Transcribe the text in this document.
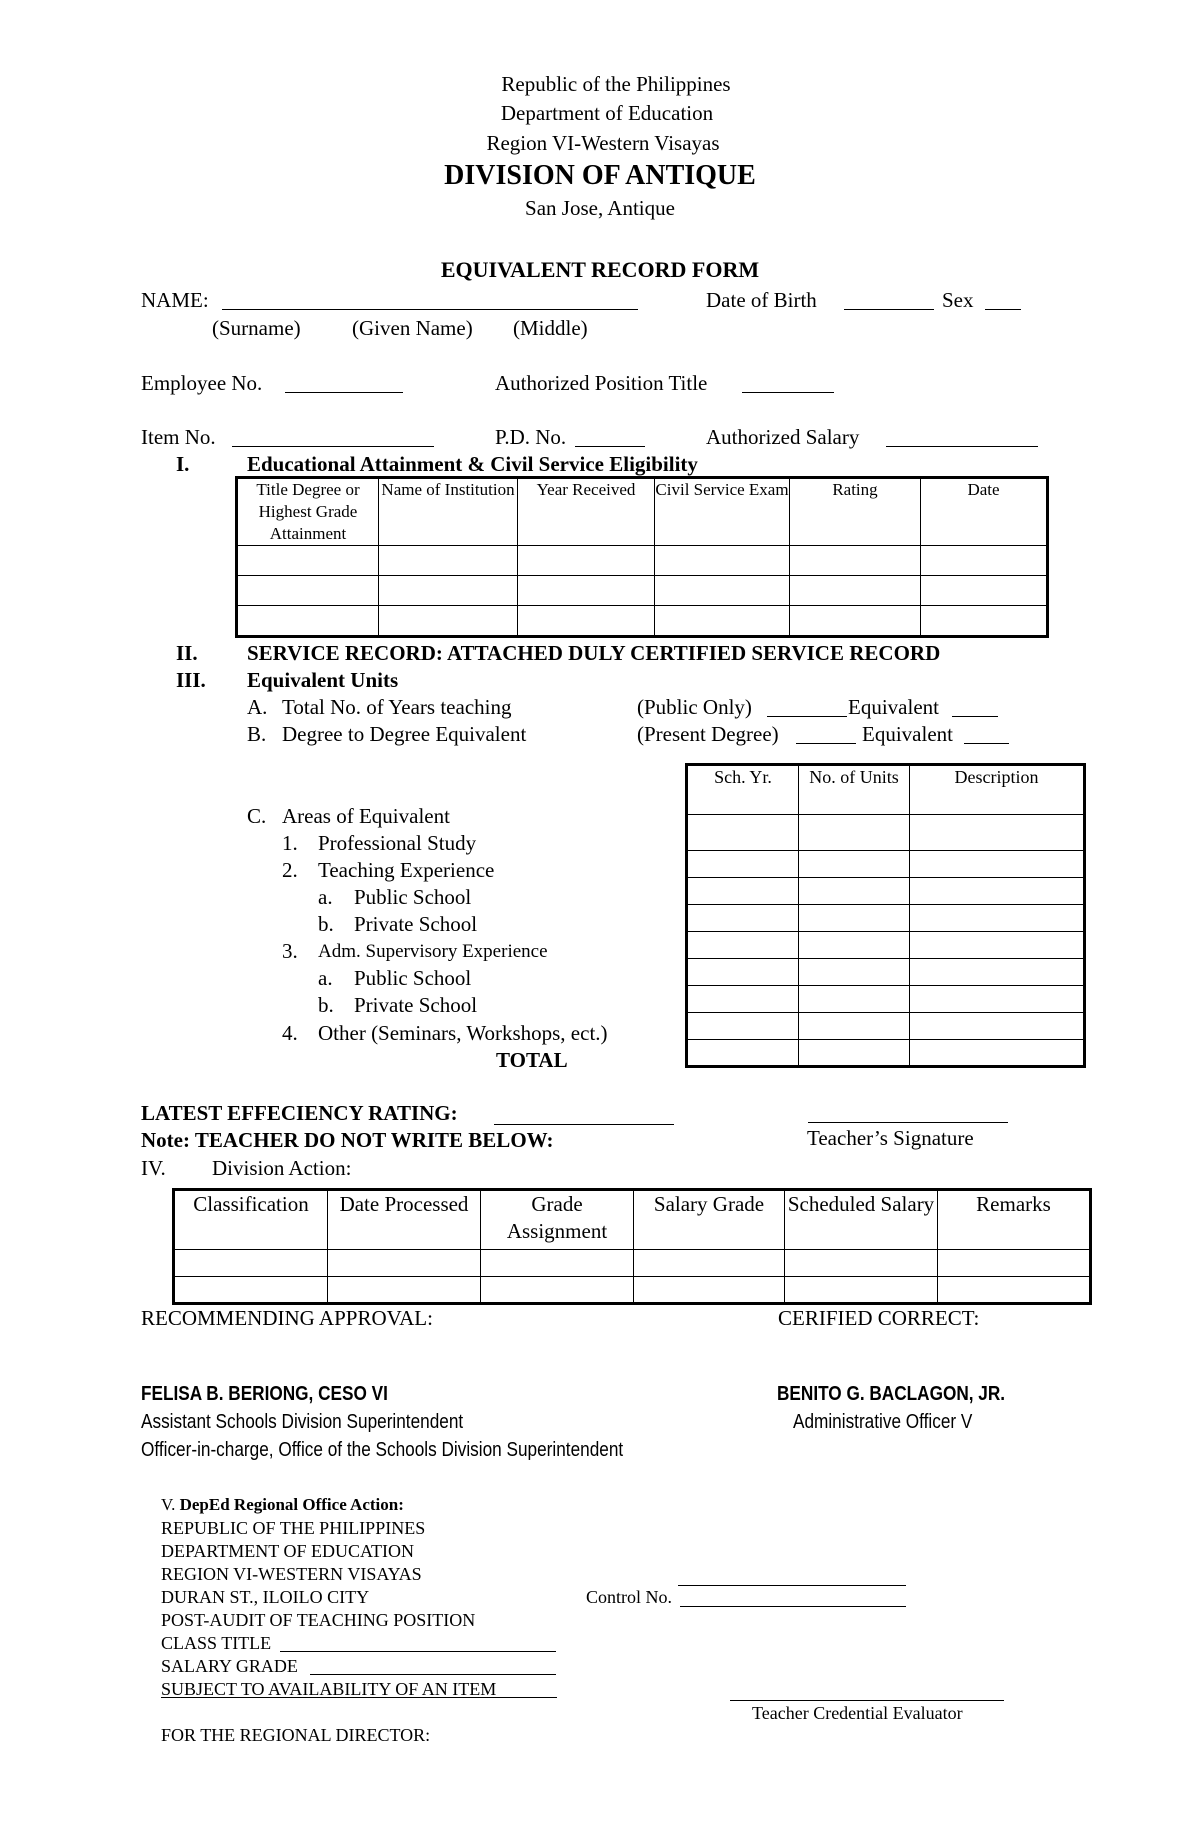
Republic of the Philippines
Department of Education
Region VI-Western Visayas
DIVISION OF ANTIQUE
San Jose, Antique
EQUIVALENT RECORD FORM
NAME:	Date of Birth	Sex
(Surname) (Given Name) (Middle)
Employee No.	Authorized Position Title
Item No.	P.D. No.	Authorized Salary
I.	Educational Attainment & Civil Service Eligibility
Title Degree or Highest Grade Attainment	Name of Institution	Year Received	Civil Service Exam	Rating	Date

II. SERVICE RECORD: ATTACHED DULY CERTIFIED SERVICE RECORD
III. Equivalent Units
A. Total No. of Years teaching	(Public Only)	Equivalent
B. Degree to Degree Equivalent	(Present Degree)	Equivalent
C. Areas of Equivalent
1. Professional Study
2. Teaching Experience
a. Public School
b. Private School
3. Adm. Supervisory Experience
a. Public School
b. Private School
4. Other (Seminars, Workshops, ect.)
TOTAL
Sch. Yr.	No. of Units	Description

LATEST EFFECIENCY RATING:
Note: TEACHER DO NOT WRITE BELOW:	Teacher’s Signature
IV. Division Action:
Classification	Date Processed	Grade Assignment	Salary Grade	Scheduled Salary	Remarks

RECOMMENDING APPROVAL:	CERIFIED CORRECT:
FELISA B. BERIONG, CESO VI
Assistant Schools Division Superintendent
Officer-in-charge, Office of the Schools Division Superintendent
BENITO G. BACLAGON, JR.
Administrative Officer V
V. DepEd Regional Office Action:
REPUBLIC OF THE PHILIPPINES
DEPARTMENT OF EDUCATION
REGION VI-WESTERN VISAYAS
DURAN ST., ILOILO CITY
POST-AUDIT OF TEACHING POSITION
CLASS TITLE
SALARY GRADE
SUBJECT TO AVAILABILITY OF AN ITEM
Control No.
Teacher Credential Evaluator
FOR THE REGIONAL DIRECTOR:
